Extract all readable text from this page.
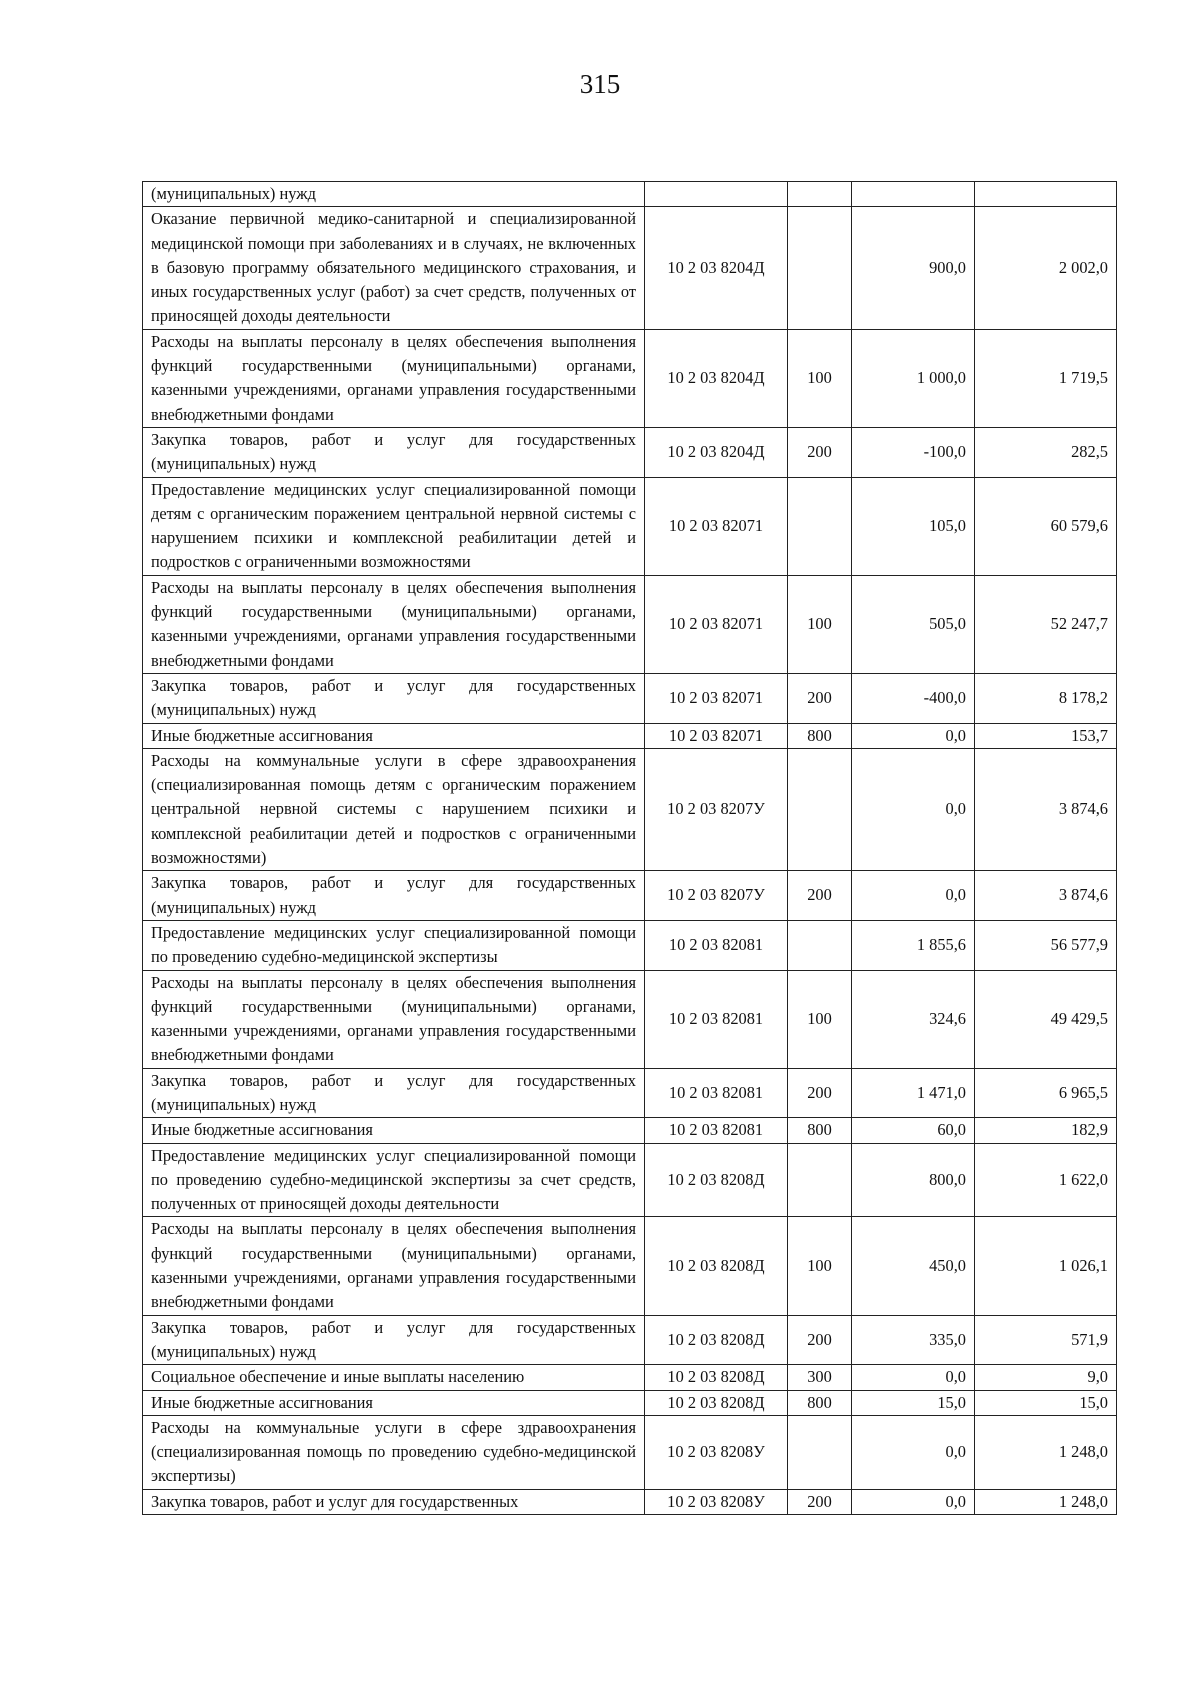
315
(муниципальных) нужд				
Оказание первичной медико-санитарной и специализированной медицинской помощи при заболеваниях и в случаях, не включенных в базовую программу обязательного медицинского страхования, и иных государственных услуг (работ) за счет средств, полученных от приносящей доходы деятельности	10 2 03 8204Д		900,0	2 002,0
Расходы на выплаты персоналу в целях обеспечения выполнения функций государственными (муниципальными) органами, казенными учреждениями, органами управления государственными внебюджетными фондами	10 2 03 8204Д	100	1 000,0	1 719,5
Закупка товаров, работ и услуг для государственных (муниципальных) нужд	10 2 03 8204Д	200	-100,0	282,5
Предоставление медицинских услуг специализированной помощи детям с органическим поражением центральной нервной системы с нарушением психики и комплексной реабилитации детей и подростков с ограниченными возможностями	10 2 03 82071		105,0	60 579,6
Расходы на выплаты персоналу в целях обеспечения выполнения функций государственными (муниципальными) органами, казенными учреждениями, органами управления государственными внебюджетными фондами	10 2 03 82071	100	505,0	52 247,7
Закупка товаров, работ и услуг для государственных (муниципальных) нужд	10 2 03 82071	200	-400,0	8 178,2
Иные бюджетные ассигнования	10 2 03 82071	800	0,0	153,7
Расходы на коммунальные услуги в сфере здравоохранения (специализированная помощь детям с органическим поражением центральной нервной системы с нарушением психики и комплексной реабилитации детей и подростков с ограниченными возможностями)	10 2 03 8207У		0,0	3 874,6
Закупка товаров, работ и услуг для государственных (муниципальных) нужд	10 2 03 8207У	200	0,0	3 874,6
Предоставление медицинских услуг специализированной помощи по проведению судебно-медицинской экспертизы	10 2 03 82081		1 855,6	56 577,9
Расходы на выплаты персоналу в целях обеспечения выполнения функций государственными (муниципальными) органами, казенными учреждениями, органами управления государственными внебюджетными фондами	10 2 03 82081	100	324,6	49 429,5
Закупка товаров, работ и услуг для государственных (муниципальных) нужд	10 2 03 82081	200	1 471,0	6 965,5
Иные бюджетные ассигнования	10 2 03 82081	800	60,0	182,9
Предоставление медицинских услуг специализированной помощи по проведению судебно-медицинской экспертизы за счет средств, полученных от приносящей доходы деятельности	10 2 03 8208Д		800,0	1 622,0
Расходы на выплаты персоналу в целях обеспечения выполнения функций государственными (муниципальными) органами, казенными учреждениями, органами управления государственными внебюджетными фондами	10 2 03 8208Д	100	450,0	1 026,1
Закупка товаров, работ и услуг для государственных (муниципальных) нужд	10 2 03 8208Д	200	335,0	571,9
Социальное обеспечение и иные выплаты населению	10 2 03 8208Д	300	0,0	9,0
Иные бюджетные ассигнования	10 2 03 8208Д	800	15,0	15,0
Расходы на коммунальные услуги в сфере здравоохранения (специализированная помощь по проведению судебно-медицинской экспертизы)	10 2 03 8208У		0,0	1 248,0
Закупка товаров, работ и услуг для государственных	10 2 03 8208У	200	0,0	1 248,0
